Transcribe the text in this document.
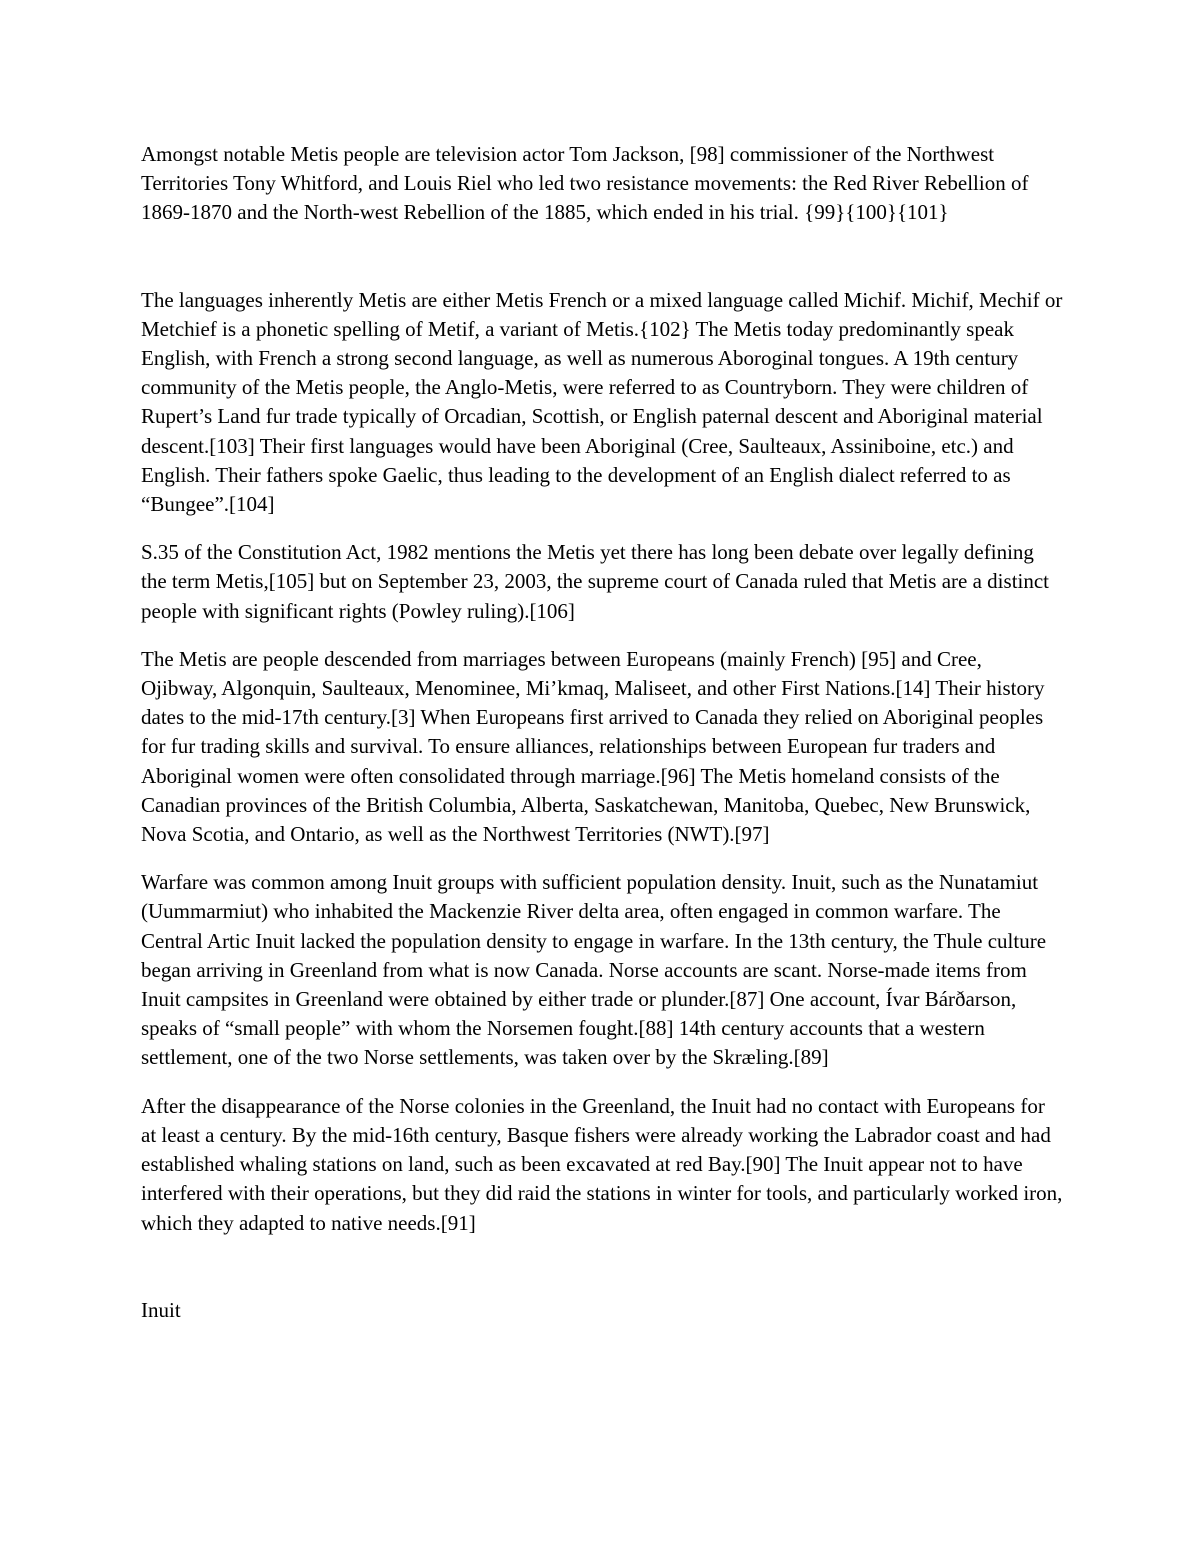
Amongst notable Metis people are television actor Tom Jackson, [98] commissioner of the Northwest Territories Tony Whitford, and Louis Riel who led two resistance movements: the Red River Rebellion of 1869-1870 and the North-west Rebellion of the 1885, which ended in his trial. {99}{100}{101}

The languages inherently Metis are either Metis French or a mixed language called Michif. Michif, Mechif or Metchief is a phonetic spelling of Metif, a variant of Metis.{102} The Metis today predominantly speak English, with French a strong second language, as well as numerous Aboroginal tongues. A 19th century community of the Metis people, the Anglo-Metis, were referred to as Countryborn. They were children of Rupert’s Land fur trade typically of Orcadian, Scottish, or English paternal descent and Aboriginal material descent.[103] Their first languages would have been Aboriginal (Cree, Saulteaux, Assiniboine, etc.) and English. Their fathers spoke Gaelic, thus leading to the development of an English dialect referred to as “Bungee”.[104]

S.35 of the Constitution Act, 1982 mentions the Metis yet there has long been debate over legally defining the term Metis,[105] but on September 23, 2003, the supreme court of Canada ruled that Metis are a distinct people with significant rights (Powley ruling).[106]

The Metis are people descended from marriages between Europeans (mainly French) [95] and Cree, Ojibway, Algonquin, Saulteaux, Menominee, Mi’kmaq, Maliseet, and other First Nations.[14] Their history dates to the mid-17th century.[3] When Europeans first arrived to Canada they relied on Aboriginal peoples for fur trading skills and survival. To ensure alliances, relationships between European fur traders and Aboriginal women were often consolidated through marriage.[96] The Metis homeland consists of the Canadian provinces of the British Columbia, Alberta, Saskatchewan, Manitoba, Quebec, New Brunswick, Nova Scotia, and Ontario, as well as the Northwest Territories (NWT).[97]

Warfare was common among Inuit groups with sufficient population density. Inuit, such as the Nunatamiut (Uummarmiut) who inhabited the Mackenzie River delta area, often engaged in common warfare. The Central Artic Inuit lacked the population density to engage in warfare. In the 13th century, the Thule culture began arriving in Greenland from what is now Canada. Norse accounts are scant. Norse-made items from Inuit campsites in Greenland were obtained by either trade or plunder.[87] One account, Ívar Bárðarson, speaks of “small people” with whom the Norsemen fought.[88] 14th century accounts that a western settlement, one of the two Norse settlements, was taken over by the Skræling.[89]

After the disappearance of the Norse colonies in the Greenland, the Inuit had no contact with Europeans for at least a century. By the mid-16th century, Basque fishers were already working the Labrador coast and had established whaling stations on land, such as been excavated at red Bay.[90] The Inuit appear not to have interfered with their operations, but they did raid the stations in winter for tools, and particularly worked iron, which they adapted to native needs.[91]

Inuit
